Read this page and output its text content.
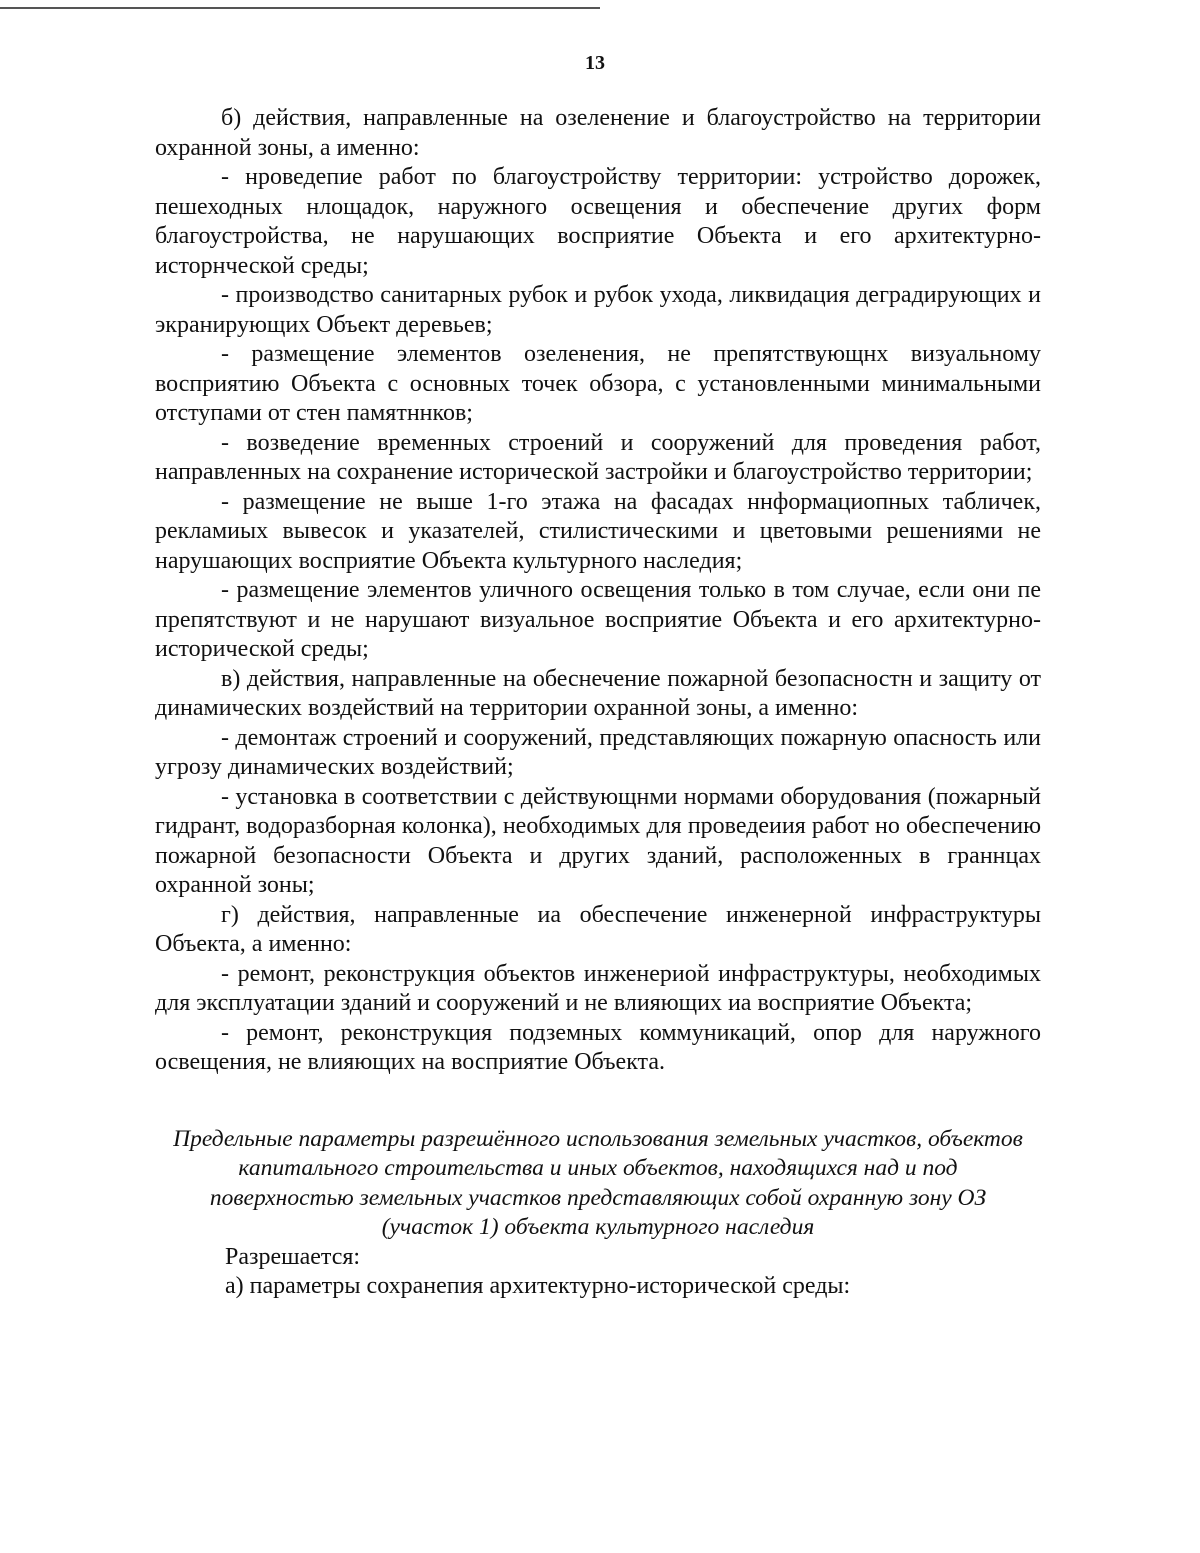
13

б) действия, направленные на озеленение и благоустройство на территории охранной зоны, а именно:

- нроведепие работ по благоустройству территории: устройство дорожек, пешеходных нлощадок, наружного освещения и обеспечение других форм благоустройства, не нарушающих восприятие Объекта и его архитектурно-исторнческой среды;

- производство санитарных рубок и рубок ухода, ликвидация деградирующих и экранирующих Объект деревьев;

- размещение элементов озеленения, не препятствующнх визуальному восприятию Объекта с основных точек обзора, с установленными минимальными отступами от стен памятннков;

- возведение временных строений и сооружений для проведения работ, направленных на сохранение исторической застройки и благоустройство территории;

- размещение не выше 1-го этажа на фасадах ннформациопных табличек, рекламиых вывесок и указателей, стилистическими и цветовыми решениями не нарушающих восприятие Объекта культурного наследия;

- размещение элементов уличного освещения только в том случае, если они пе препятствуют и не нарушают визуальное восприятие Объекта и его архитектурно-исторической среды;

в) действия, направленные на обеснечение пожарной безопасностн и защиту от динамических воздействий на территории охранной зоны, а именно:

- демонтаж строений и сооружений, представляющих пожарную опасность или угрозу динамических воздействий;

- установка в соответствии с действующнми нормами оборудования (пожарный гидрант, водоразборная колонка), необходимых для проведеиия работ но обеспечению пожарной безопасности Объекта и других зданий, расположенных в граннцах охранной зоны;

г) действия, направленные иа обеспечение инженерной инфраструктуры Объекта, а именно:

- ремонт, реконструкция объектов инженериой инфраструктуры, необходимых для эксплуатации зданий и сооружений и не влияющих иа восприятие Объекта;

- ремонт, реконструкция подземных коммуникаций, опор для наружного освещения, не влияющих на восприятие Объекта.

Предельные параметры разрешённого использования земельных участков, объектов капитального строительства и иных объектов, находящихся над и под поверхностью земельных участков представляющих собой охранную зону ОЗ (участок 1) объекта культурного наследия

Разрешается:

а) параметры сохранепия архитектурно-исторической среды:
